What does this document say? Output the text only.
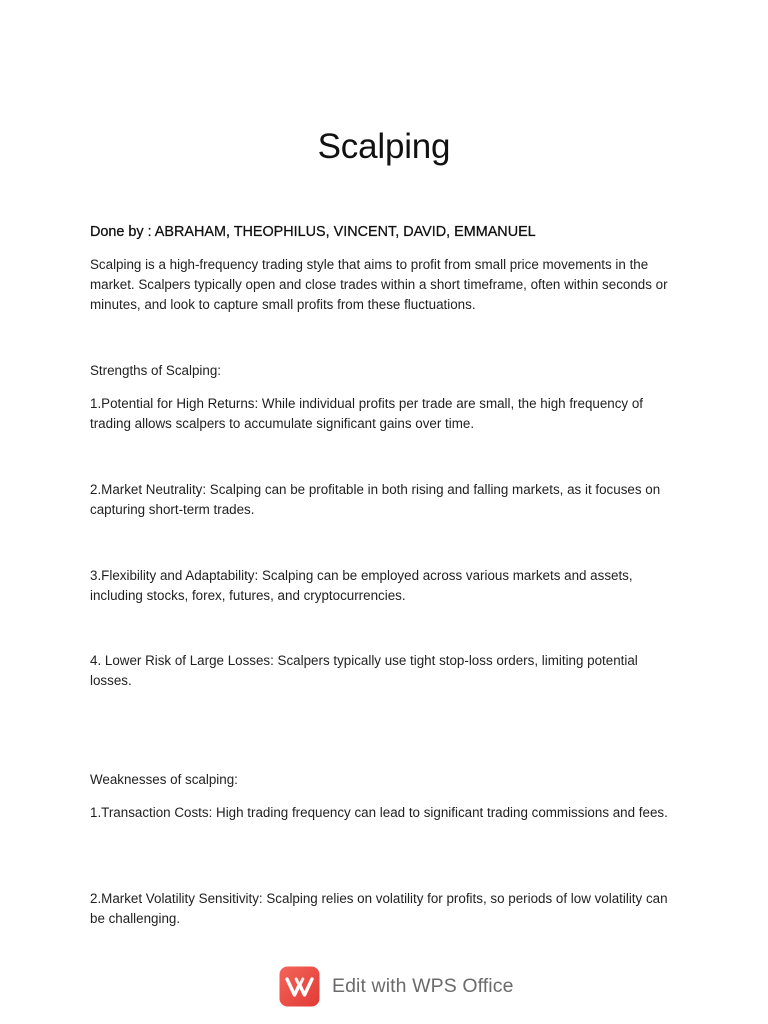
Scalping
Done by : ABRAHAM, THEOPHILUS, VINCENT, DAVID, EMMANUEL
Scalping is a high-frequency trading style that aims to profit from small price movements in the market. Scalpers typically open and close trades within a short timeframe, often within seconds or minutes, and look to capture small profits from these fluctuations.
Strengths of Scalping:
1.Potential for High Returns: While individual profits per trade are small, the high frequency of trading allows scalpers to accumulate significant gains over time.
2.Market Neutrality: Scalping can be profitable in both rising and falling markets, as it focuses on capturing short-term trades.
3.Flexibility and Adaptability: Scalping can be employed across various markets and assets, including stocks, forex, futures, and cryptocurrencies.
4. Lower Risk of Large Losses: Scalpers typically use tight stop-loss orders, limiting potential losses.
Weaknesses of scalping:
1.Transaction Costs: High trading frequency can lead to significant trading commissions and fees.
2.Market Volatility Sensitivity: Scalping relies on volatility for profits, so periods of low volatility can be challenging.
Edit with WPS Office
